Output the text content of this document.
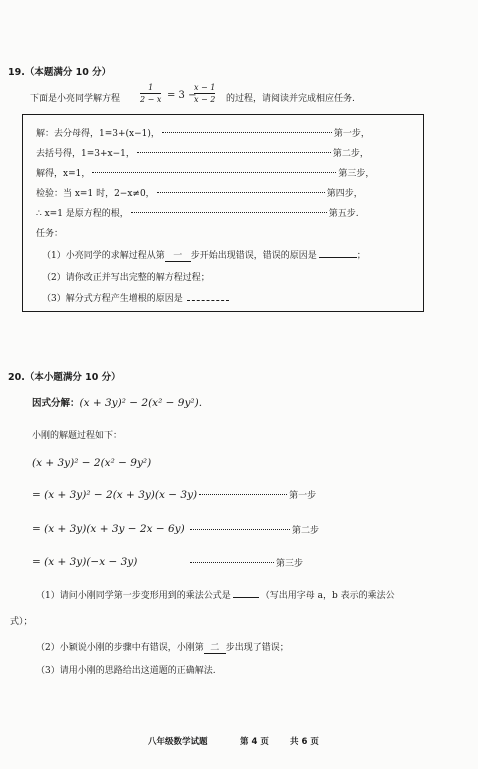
19.（本题满分 10 分）
下面是小亮同学解方程
1
2 − x = 3 −
x − 1
x − 2 的过程，请阅读并完成相应任务.
解：去分母得，1=3+(x−1)，	第一步，
去括号得，1=3+x−1，	第二步，
解得，x=1，	第三步，
检验：当 x=1 时，2−x≠0，	第四步，
∴ x=1 是原方程的根，	第五步.
任务：
（1）小亮同学的求解过程从第 一 步开始出现错误，错误的原因是	；
（2）请你改正并写出完整的解方程过程；
（3）解分式方程产生增根的原因是
20.（本小题满分 10 分）
因式分解： (x + 3y)² − 2(x² − 9y²).
小刚的解题过程如下：
(x + 3y)² − 2(x² − 9y²)
= (x + 3y)² − 2(x + 3y)(x − 3y)	第一步
= (x + 3y)(x + 3y − 2x − 6y)	第二步
= (x + 3y)(−x − 3y)	第三步
（1）请问小刚同学第一步变形用到的乘法公式是	（写出用字母 a，b 表示的乘法公
式）；
（2）小颖说小刚的步骤中有错误，小刚第 二 步出现了错误；
（3）请用小刚的思路给出这道题的正确解法.
八年级数学试题	第 4 页 共 6 页
